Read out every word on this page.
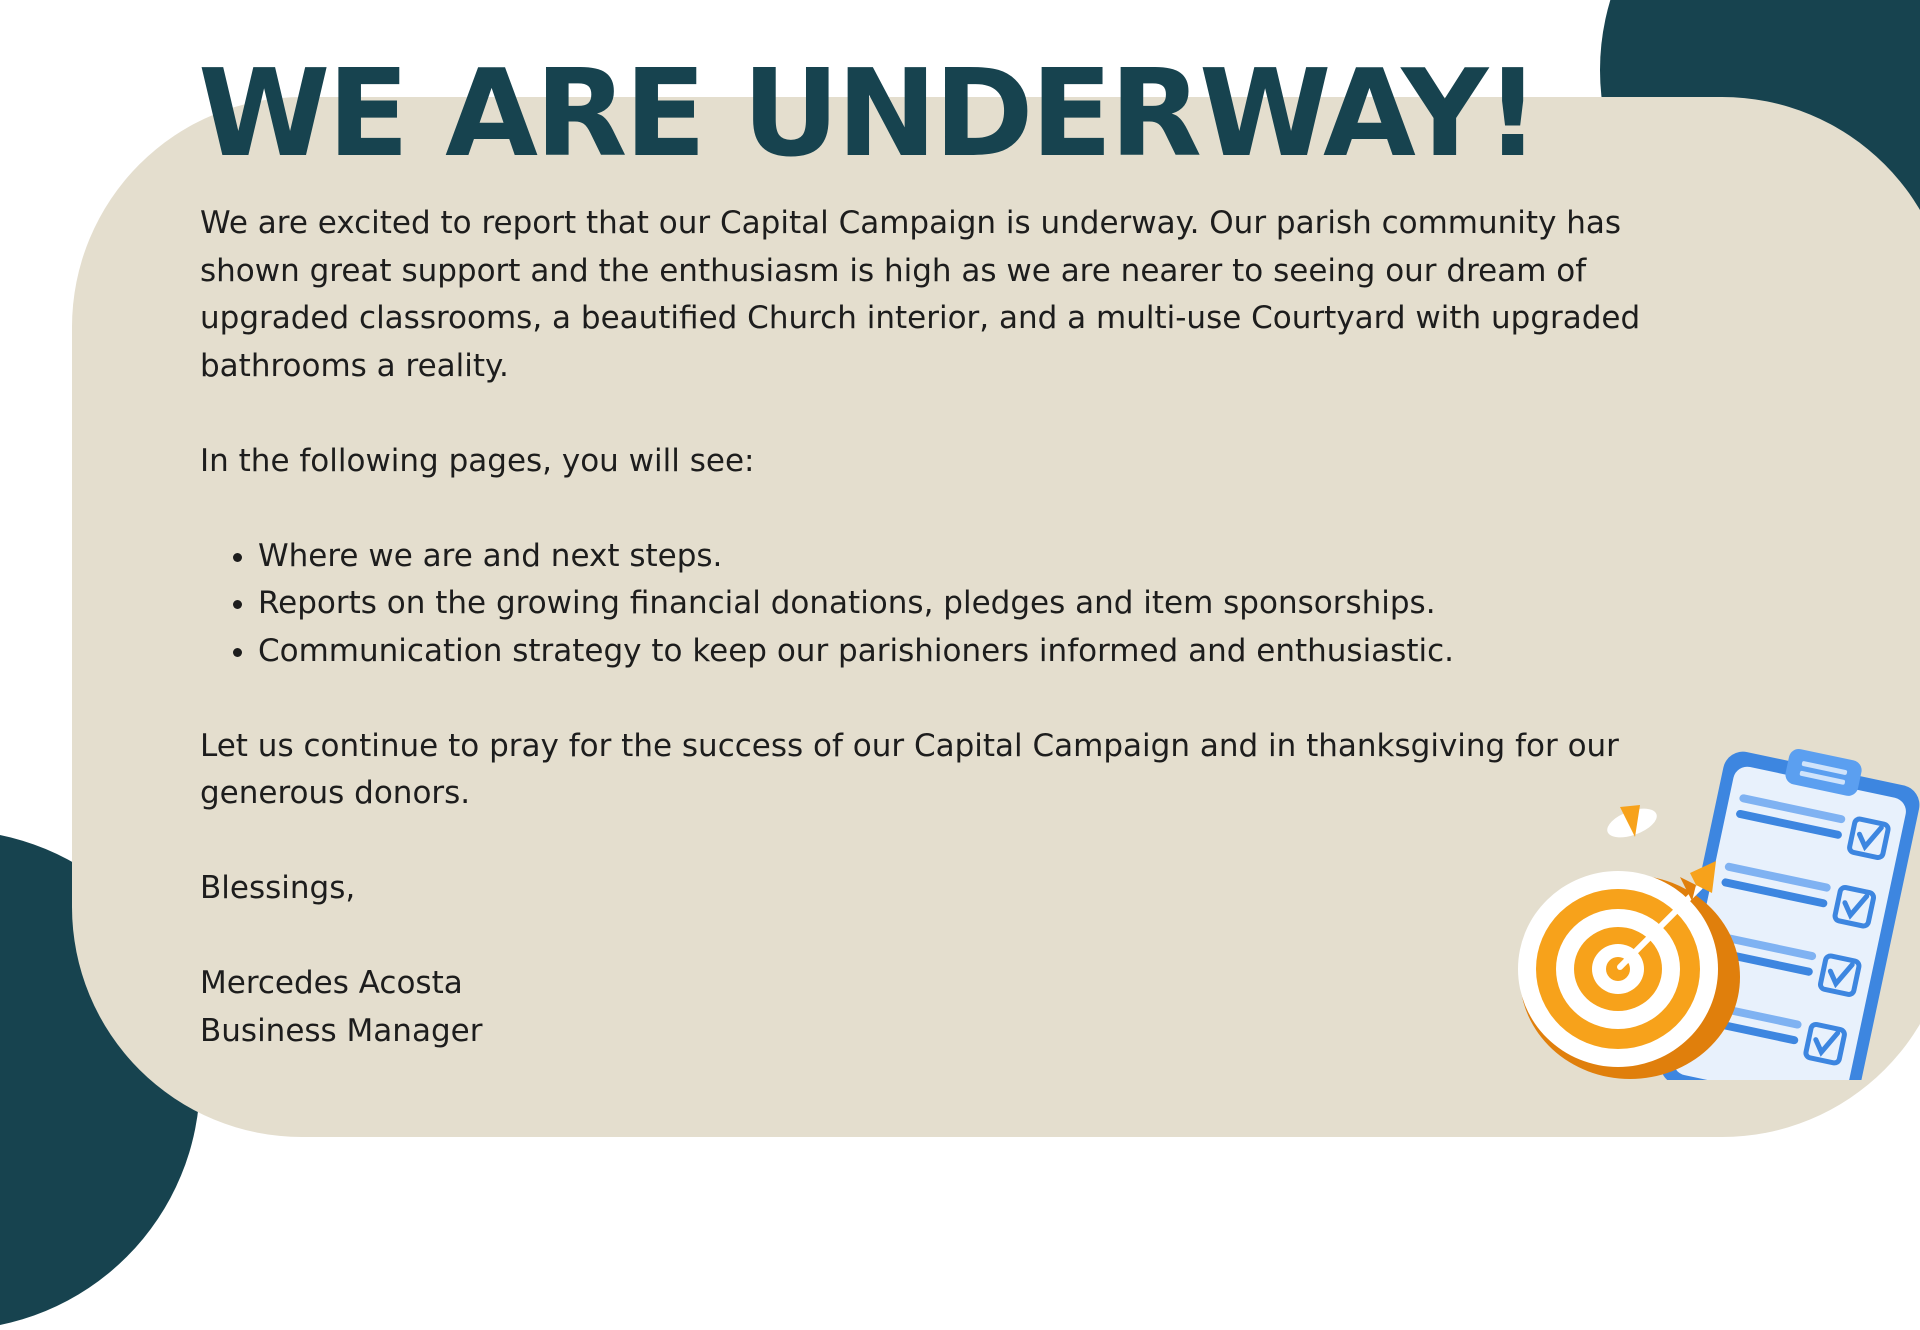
WE ARE UNDERWAY!

We are excited to report that our Capital Campaign is underway. Our parish community has shown great support and the enthusiasm is high as we are nearer to seeing our dream of upgraded classrooms, a beautified Church interior, and a multi-use Courtyard with upgraded bathrooms a reality.

In the following pages, you will see:

• Where we are and next steps.
• Reports on the growing financial donations, pledges and item sponsorships.
• Communication strategy to keep our parishioners informed and enthusiastic.

Let us continue to pray for the success of our Capital Campaign and in thanksgiving for our generous donors.

Blessings,

Mercedes Acosta

Business Manager
